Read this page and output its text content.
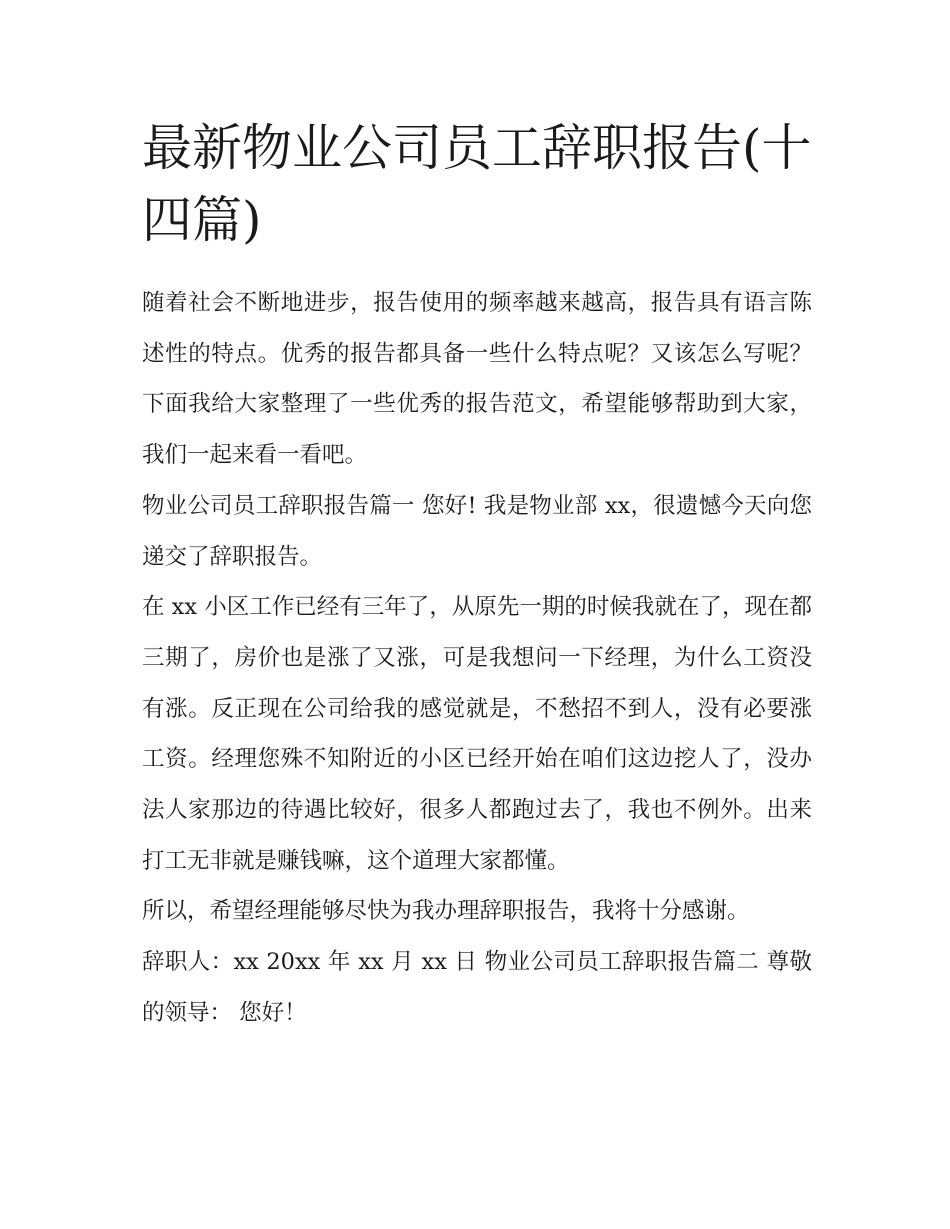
最新物业公司员工辞职报告(十四篇)

随着社会不断地进步，报告使用的频率越来越高，报告具有语言陈述性的特点。优秀的报告都具备一些什么特点呢？又该怎么写呢？下面我给大家整理了一些优秀的报告范文，希望能够帮助到大家，我们一起来看一看吧。

物业公司员工辞职报告篇一 您好! 我是物业部 xx，很遗憾今天向您递交了辞职报告。

在 xx 小区工作已经有三年了，从原先一期的时候我就在了，现在都三期了，房价也是涨了又涨，可是我想问一下经理，为什么工资没有涨。反正现在公司给我的感觉就是，不愁招不到人，没有必要涨工资。经理您殊不知附近的小区已经开始在咱们这边挖人了，没办法人家那边的待遇比较好，很多人都跑过去了，我也不例外。出来打工无非就是赚钱嘛，这个道理大家都懂。

所以，希望经理能够尽快为我办理辞职报告，我将十分感谢。

辞职人：xx 20xx 年 xx 月 xx 日 物业公司员工辞职报告篇二 尊敬的领导： 您好！
